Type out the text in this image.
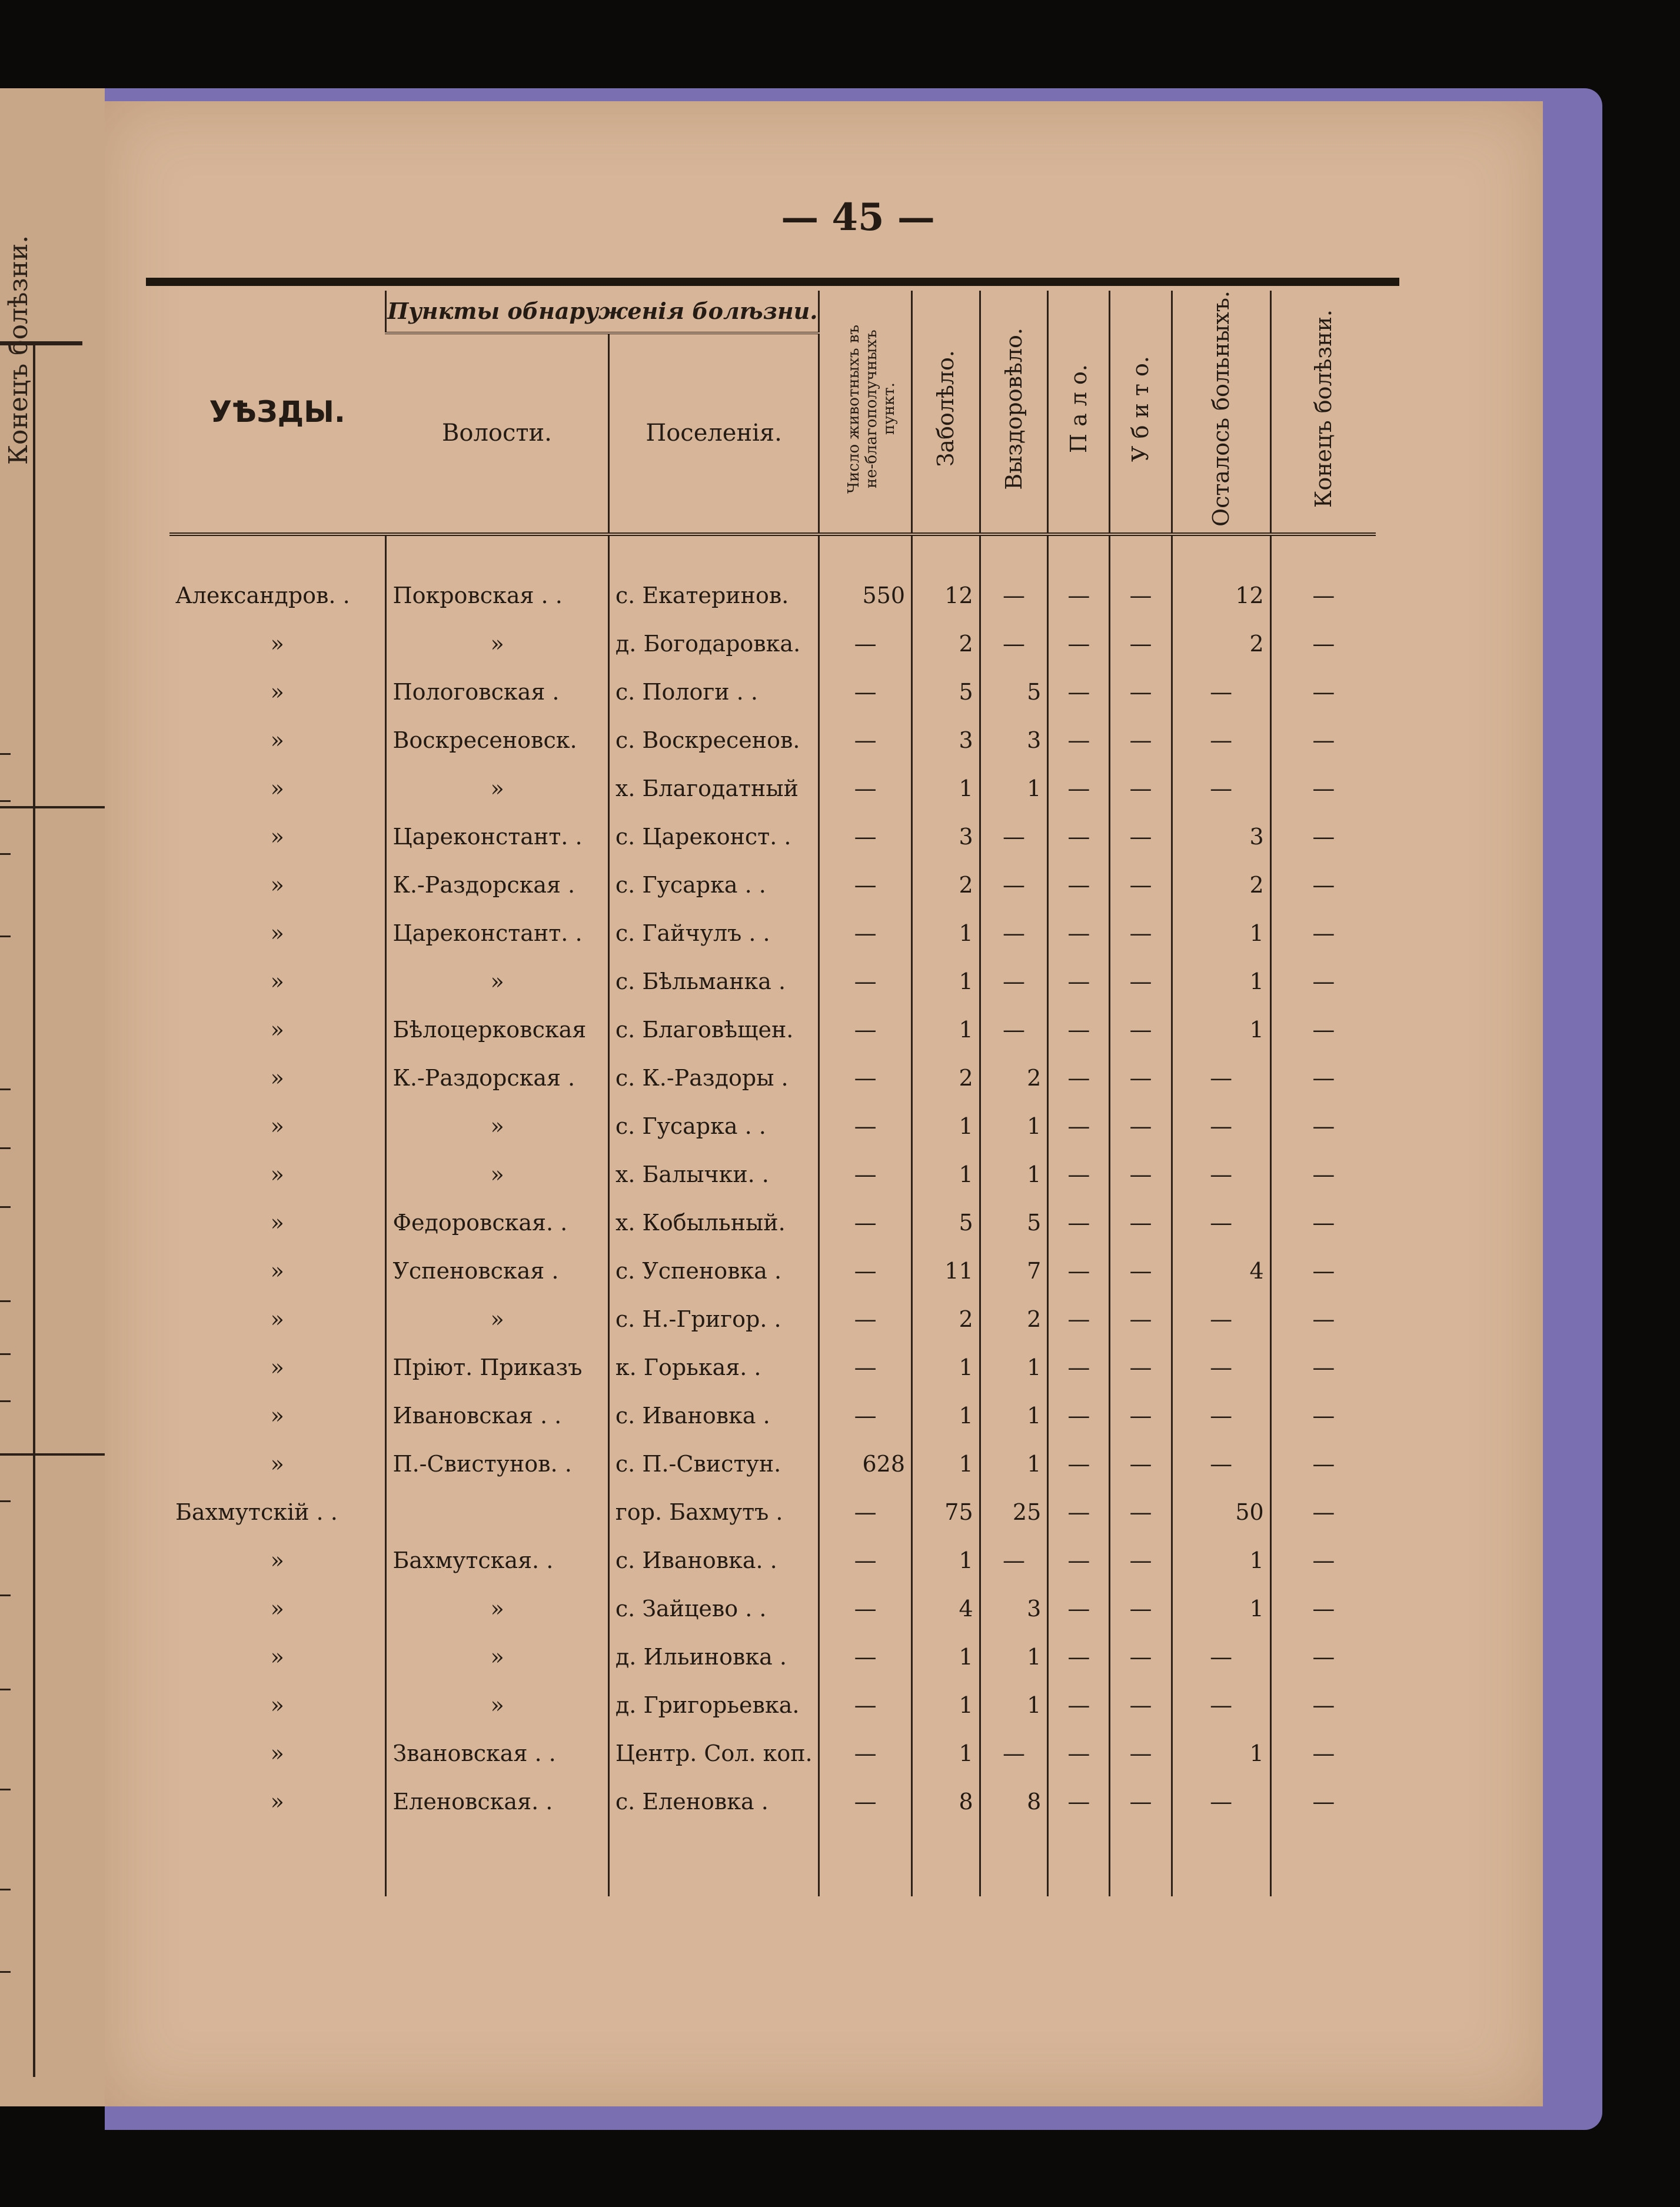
Конецъ болѣзни.
— 45 —
УѢЗДЫ.	Пункты обнаруженія болѣзни.		Число животныхъ въ не-благополучныхъ пункт.	Заболѣло.	Выздоровѣло.	П а л о.	У б и т о.	Осталось больныхъ.	Конецъ болѣзни.
	Волости.	Поселенія.							

Александров. .	Покровская . .	с. Екатеринов.	550	12	—	—	—	12	—
»	»	д. Богодаровка.	—	2	—	—	—	2	—
»	Пологовская .	с. Пологи . .	—	5	5	—	—	—	—
»	Воскресеновск.	с. Воскресенов.	—	3	3	—	—	—	—
»	»	х. Благодатный	—	1	1	—	—	—	—
»	Цареконстант. .	с. Цареконст. .	—	3	—	—	—	3	—
»	К.-Раздорская .	с. Гусарка . .	—	2	—	—	—	2	—
»	Цареконстант. .	с. Гайчулъ . .	—	1	—	—	—	1	—
»	»	с. Бѣльманка .	—	1	—	—	—	1	—
»	Бѣлоцерковская	с. Благовѣщен.	—	1	—	—	—	1	—
»	К.-Раздорская .	с. К.-Раздоры .	—	2	2	—	—	—	—
»	»	с. Гусарка . .	—	1	1	—	—	—	—
»	»	х. Балычки. .	—	1	1	—	—	—	—
»	Федоровская. .	х. Кобыльный.	—	5	5	—	—	—	—
»	Успеновская .	с. Успеновка .	—	11	7	—	—	4	—
»	»	с. Н.-Григор. .	—	2	2	—	—	—	—
»	Пріют. Приказъ	к. Горькая. .	—	1	1	—	—	—	—
»	Ивановская . .	с. Ивановка .	—	1	1	—	—	—	—
»	П.-Свистунов. .	с. П.-Свистун.	628	1	1	—	—	—	—
Бахмутскій . .		гор. Бахмутъ .	—	75	25	—	—	50	—
»	Бахмутская. .	с. Ивановка. .	—	1	—	—	—	1	—
»	»	с. Зайцево . .	—	4	3	—	—	1	—
»	»	д. Ильиновка .	—	1	1	—	—	—	—
»	»	д. Григорьевка.	—	1	1	—	—	—	—
»	Звановская . .	Центр. Сол. коп.	—	1	—	—	—	1	—
»	Еленовская. .	с. Еленовка .	—	8	8	—	—	—	—
